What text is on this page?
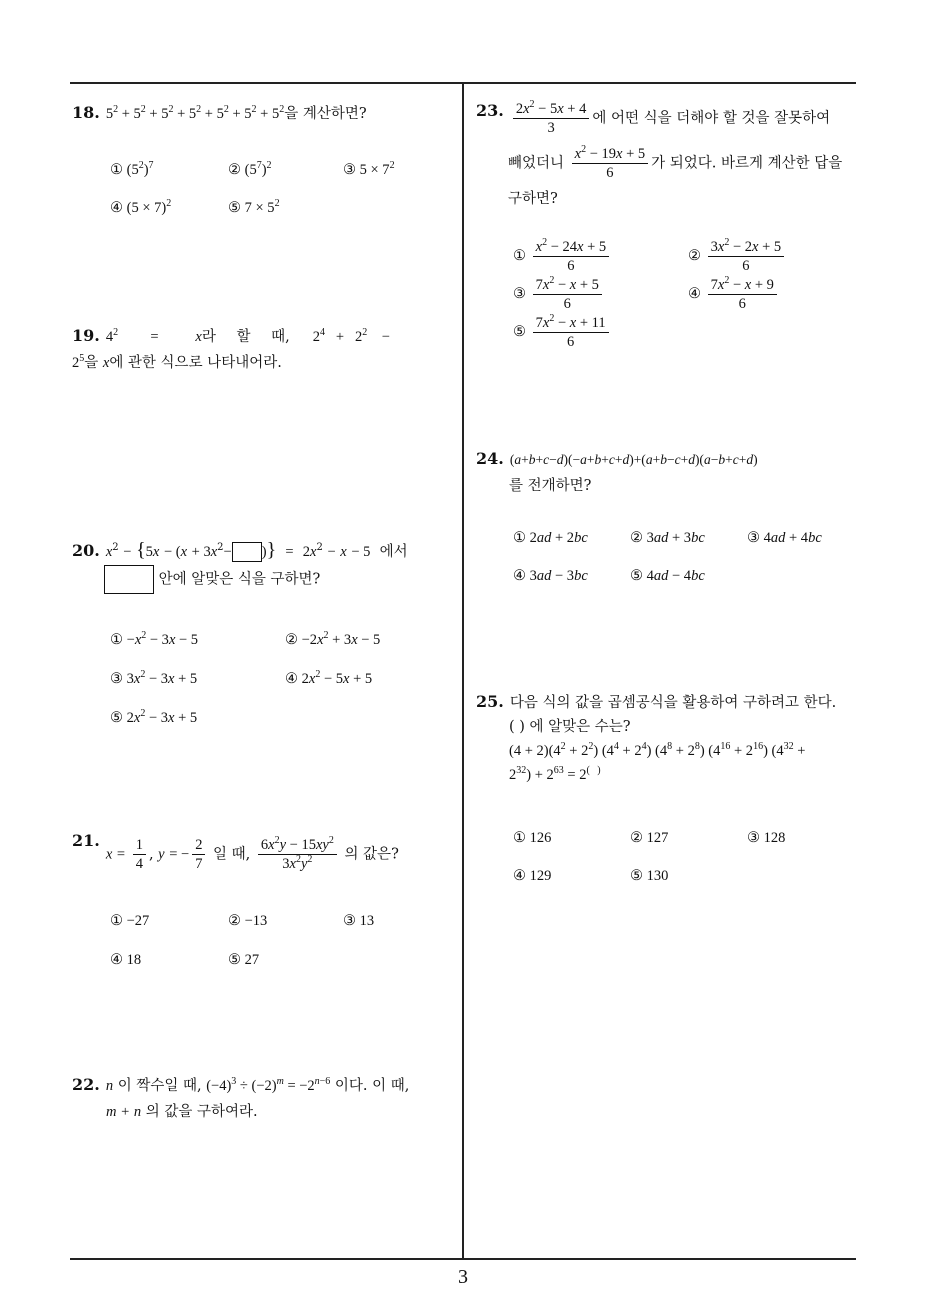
18. $5^2 + 5^2 + 5^2 + 5^2 + 5^2 + 5^2 + 5^2$을 계산하면?
① $(5^2)^7$	② $(5^7)^2$	③ $5 \times 7^2$
④ $(5 \times 7)^2$	⑤ $7 \times 5^2$
19. $4^2$ =	x라 할 때, $2^4 + 2^2$    −
$2^5$을 x에 관한 식으로 나타내어라.
20. $x^2 - \{5x - (x + 3x^2-$ )} = $2x^2 - x - 5$ 에서
안에 알맞은 식을 구하면?
① $-x^2 - 3x - 5$	② $-2x^2 + 3x - 5$
③ $3x^2 - 3x + 5$	④ $2x^2 - 5x + 5$
⑤ $2x^2 - 3x + 5$
$21.x = \frac{1}{4}$ , y = − $\frac{2}{7}$ 일 때, $\frac{6x^2y - 15xy^2}{3x^2y^2}$ 의 값은?
① −27	② −13	③ 13
④ 18	⑤ 27
22. n 이 짝수일 때, $(-4)^3 \div (-2)^m = -2^{n-6}$ 이다. 이 때,
m + n 의 값을 구하여라.
23. $\frac{2x^2 - 5x + 4}{3}$ 에 어떤 식을 더해야 할 것을 잘못하여

빼었더니 $\frac{x^2 - 19x + 5}{6}$ 가 되었다. 바르게 계산한 답을
구하면?
① $\frac{x^2 - 24x + 5}{6}$	② $\frac{3x^2 - 2x + 5}{6}$
③ $\frac{7x^2 - x + 5}{6}$	④ $\frac{7x^2 - x + 9}{6}$
⑤ $\frac{7x^2 - x + 11}{6}$
24. (a+b+c−d)(−a+b+c+d)+(a+b−c+d)(a−b+c+d)
를 전개하면?
① 2ad + 2bc	② 3ad + 3bc	③ 4ad + 4bc
④ 3ad − 3bc	⑤ 4ad − 4bc
25. 다음 식의 값을 곱셈공식을 활용하여 구하려고 한다.

( ) 에 알맞은 수는?
$(4 + 2)(4^2 + 2^2)$ $(4^4 + 2^4) (4^8 + 2^8) (4^{16} + 2^{16}) (4^{32}$ +
$2^{32}) + 2^{63} = 2^{( )}$
① 126	② 127	③ 128
④ 129	⑤ 130
3
